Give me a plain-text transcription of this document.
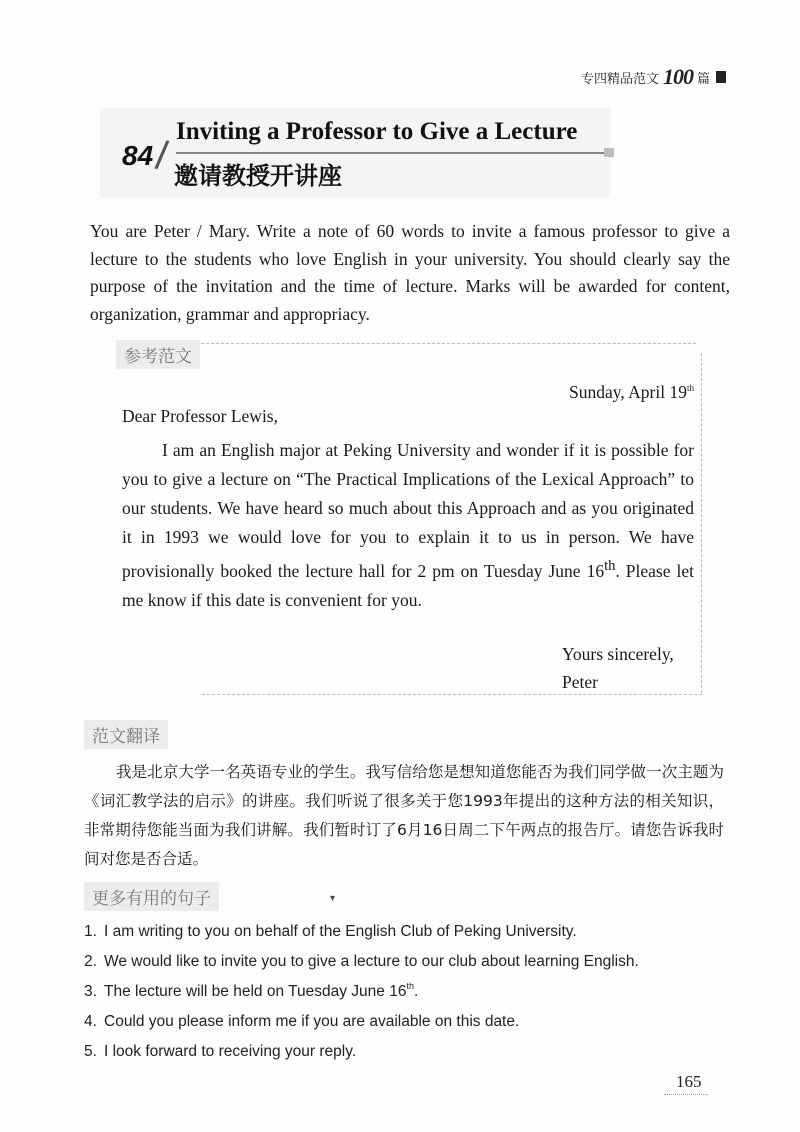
专四精品范文 100 篇
84 /
Inviting a Professor to Give a Lecture
邀请教授开讲座
You are Peter / Mary. Write a note of 60 words to invite a famous professor to give a lecture to the students who love English in your university. You should clearly say the purpose of the invitation and the time of lecture. Marks will be awarded for content, organization, grammar and appropriacy.
参考范文
Sunday, April 19th
Dear Professor Lewis,
I am an English major at Peking University and wonder if it is possible for you to give a lecture on “The Practical Implications of the Lexical Approach” to our students. We have heard so much about this Approach and as you originated it in 1993 we would love for you to explain it to us in person. We have provisionally booked the lecture hall for 2 pm on Tuesday June 16th. Please let me know if this date is convenient for you.
Yours sincerely,
Peter
范文翻译
我是北京大学一名英语专业的学生。我写信给您是想知道您能否为我们同学做一次主题为《词汇教学法的启示》的讲座。我们听说了很多关于您1993年提出的这种方法的相关知识，非常期待您能当面为我们讲解。我们暂时订了6月16日周二下午两点的报告厅。请您告诉我时间对您是否合适。
更多有用的句子	▾
1. I am writing to you on behalf of the English Club of Peking University.
2. We would like to invite you to give a lecture to our club about learning English.
3. The lecture will be held on Tuesday June 16th.
4. Could you please inform me if you are available on this date.
5. I look forward to receiving your reply.
165
